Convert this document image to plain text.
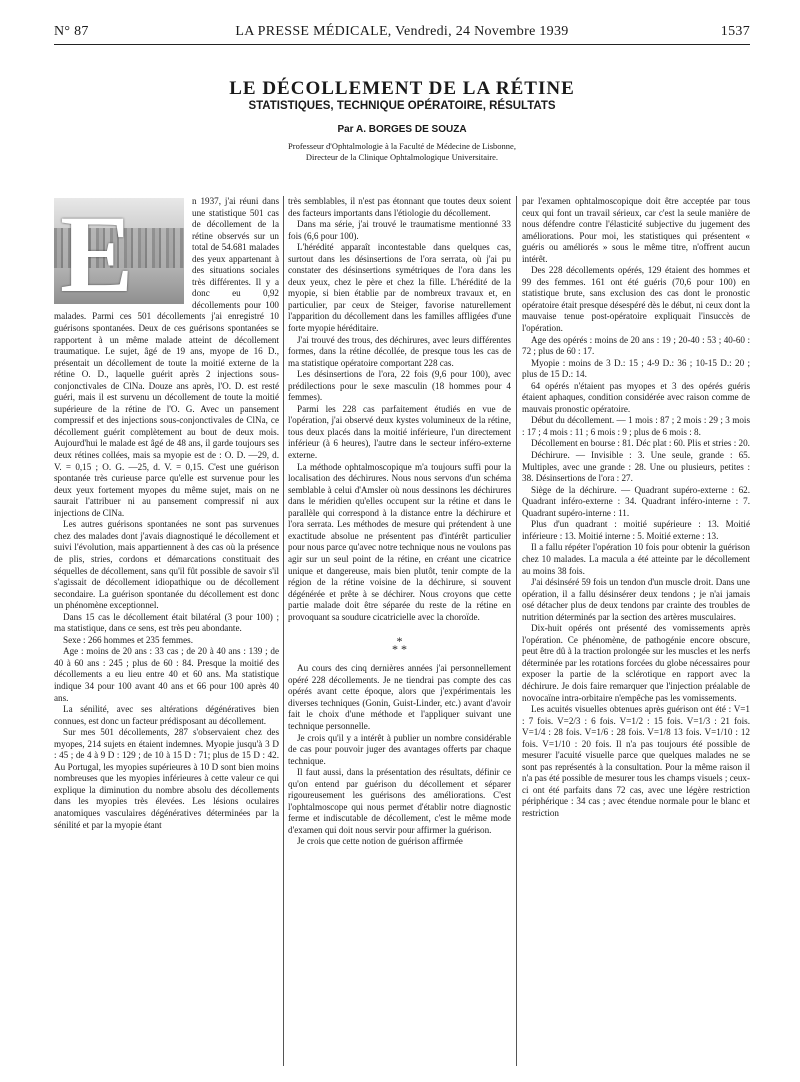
N° 87	LA PRESSE MÉDICALE, Vendredi, 24 Novembre 1939	1537
LE DÉCOLLEMENT DE LA RÉTINE
STATISTIQUES, TECHNIQUE OPÉRATOIRE, RÉSULTATS
Par A. BORGES DE SOUZA
Professeur d'Ophtalmologie à la Faculté de Médecine de Lisbonne,
Directeur de la Clinique Ophtalmologique Universitaire.
E	n 1937, j'ai réuni dans une statistique 501 cas de décollement de la rétine observés sur un total de 54.681 malades des yeux appartenant à des situations sociales très différentes. Il y a donc eu 0,92 décollements pour 100 malades. Parmi ces 501 décollements j'ai enregistré 10 guérisons spontanées. Deux de ces guérisons spontanées se rapportent à un même malade atteint de décollement traumatique. Le sujet, âgé de 19 ans, myope de 16 D., présentait un décollement de toute la moitié externe de la rétine O. D., laquelle guérit après 2 injections sous-conjonctivales de ClNa. Douze ans après, l'O. D. est resté guéri, mais il est survenu un décollement de toute la moitié supérieure de la rétine de l'O. G. Avec un pansement compressif et des injections sous-conjonctivales de ClNa, ce décollement guérit complètement au bout de deux mois. Aujourd'hui le malade est âgé de 48 ans, il garde toujours ses deux rétines collées, mais sa myopie est de : O. D. —29, d. V. = 0,15 ; O. G. —25, d. V. = 0,15. C'est une guérison spontanée très curieuse parce qu'elle est survenue pour les deux yeux fortement myopes du même sujet, mais on ne saurait l'attribuer ni au pansement compressif ni aux injections de ClNa.

Les autres guérisons spontanées ne sont pas survenues chez des malades dont j'avais diagnostiqué le décollement et suivi l'évolution, mais appartiennent à des cas où la présence de plis, stries, cordons et démarcations constituait des séquelles de décollement, sans qu'il fût possible de savoir s'il s'agissait de décollement idiopathique ou de décollement secondaire. La guérison spontanée du décollement est donc un phénomène exceptionnel.

Dans 15 cas le décollement était bilatéral (3 pour 100) ; ma statistique, dans ce sens, est très peu abondante.

Sexe : 266 hommes et 235 femmes.

Age : moins de 20 ans : 33 cas ; de 20 à 40 ans : 139 ; de 40 à 60 ans : 245 ; plus de 60 : 84. Presque la moitié des décollements a eu lieu entre 40 et 60 ans. Ma statistique indique 34 pour 100 avant 40 ans et 66 pour 100 après 40 ans.

La sénilité, avec ses altérations dégénératives bien connues, est donc un facteur prédisposant au décollement.

Sur mes 501 décollements, 287 s'observaient chez des myopes, 214 sujets en étaient indemnes. Myopie jusqu'à 3 D : 45 ; de 4 à 9 D : 129 ; de 10 à 15 D : 71; plus de 15 D : 42. Au Portugal, les myopies supérieures à 10 D sont bien moins nombreuses que les myopies inférieures à cette valeur ce qui explique la diminution du nombre absolu des décollements dans les myopies très élevées. Les lésions oculaires anatomiques vasculaires dégénératives déterminées par la sénilité et par la myopie étant

très semblables, il n'est pas étonnant que toutes deux soient des facteurs importants dans l'étiologie du décollement.

Dans ma série, j'ai trouvé le traumatisme mentionné 33 fois (6,6 pour 100).

L'hérédité apparaît incontestable dans quelques cas, surtout dans les désinsertions de l'ora serrata, où j'ai pu constater des désinsertions symétriques de l'ora dans les deux yeux, chez le père et chez la fille. L'hérédité de la myopie, si bien établie par de nombreux travaux et, en particulier, par ceux de Steiger, favorise naturellement l'apparition du décollement dans les familles affligées d'une forte myopie héréditaire.

J'ai trouvé des trous, des déchirures, avec leurs différentes formes, dans la rétine décollée, de presque tous les cas de ma statistique opératoire comportant 228 cas.

Les désinsertions de l'ora, 22 fois (9,6 pour 100), avec prédilections pour le sexe masculin (18 hommes pour 4 femmes).

Parmi les 228 cas parfaitement étudiés en vue de l'opération, j'ai observé deux kystes volumineux de la rétine, tous deux placés dans la moitié inférieure, l'un directement inférieur (à 6 heures), l'autre dans le secteur inféro-externe externe.

La méthode ophtalmoscopique m'a toujours suffi pour la localisation des déchirures. Nous nous servons d'un schéma semblable à celui d'Amsler où nous dessinons les déchirures dans le méridien qu'elles occupent sur la rétine et dans le parallèle qui correspond à la distance entre la déchirure et l'ora serrata. Les méthodes de mesure qui prétendent à une exactitude absolue ne présentent pas d'intérêt particulier pour nous parce qu'avec notre technique nous ne voulons pas agir sur un seul point de la rétine, en créant une cicatrice unique et dangereuse, mais bien plutôt, tenir compte de la région de la rétine voisine de la déchirure, si souvent dégénérée et prête à se déchirer. Nous croyons que cette partie malade doit être séparée du reste de la rétine en provoquant sa soudure cicatricielle avec la choroïde.

*
* *

Au cours des cinq dernières années j'ai personnellement opéré 228 décollements. Je ne tiendrai pas compte des cas opérés avant cette époque, alors que j'expérimentais les diverses techniques (Gonin, Guist-Linder, etc.) avant d'avoir fait le choix d'une méthode et l'appliquer suivant une technique personnelle.

Je crois qu'il y a intérêt à publier un nombre considérable de cas pour pouvoir juger des avantages offerts par chaque technique.

Il faut aussi, dans la présentation des résultats, définir ce qu'on entend par guérison du décollement et séparer rigoureusement les guérisons des améliorations. C'est l'ophtalmoscope qui nous permet d'établir notre diagnostic ferme et indiscutable de décollement, c'est le même mode d'examen qui doit nous servir pour affirmer la guérison.

Je crois que cette notion de guérison affirmée

par l'examen ophtalmoscopique doit être acceptée par tous ceux qui font un travail sérieux, car c'est la seule manière de nous défendre contre l'élasticité subjective du jugement des améliorations. Pour moi, les statistiques qui présentent « guéris ou améliorés » sous le même titre, n'offrent aucun intérêt.

Des 228 décollements opérés, 129 étaient des hommes et 99 des femmes. 161 ont été guéris (70,6 pour 100) en statistique brute, sans exclusion des cas dont le pronostic opératoire était presque désespéré dès le début, ni ceux dont la mauvaise tenue post-opératoire expliquait l'insuccès de l'opération.

Age des opérés : moins de 20 ans : 19 ; 20-40 : 53 ; 40-60 : 72 ; plus de 60 : 17.

Myopie : moins de 3 D.: 15 ; 4-9 D.: 36 ; 10-15 D.: 20 ; plus de 15 D.: 14.

64 opérés n'étaient pas myopes et 3 des opérés guéris étaient aphaques, condition considérée avec raison comme de mauvais pronostic opératoire.

Début du décollement. — 1 mois : 87 ; 2 mois : 29 ; 3 mois : 17 ; 4 mois : 11 ; 6 mois : 9 ; plus de 6 mois : 8.

Décollement en bourse : 81. Déc plat : 60. Plis et stries : 20.

Déchirure. — Invisible : 3. Une seule, grande : 65. Multiples, avec une grande : 28. Une ou plusieurs, petites : 38. Désinsertions de l'ora : 27.

Siège de la déchirure. — Quadrant supéro-externe : 62. Quadrant inféro-externe : 34. Quadrant inféro-interne : 7. Quadrant supéro-interne : 11.

Plus d'un quadrant : moitié supérieure : 13. Moitié inférieure : 13. Moitié interne : 5. Moitié externe : 13.

Il a fallu répéter l'opération 10 fois pour obtenir la guérison chez 10 malades. La macula a été atteinte par le décollement au moins 38 fois.

J'ai désinséré 59 fois un tendon d'un muscle droit. Dans une opération, il a fallu désinsérer deux tendons ; je n'ai jamais osé détacher plus de deux tendons par crainte des troubles de nutrition déterminés par la section des artères musculaires.

Dix-huit opérés ont présenté des vomissements après l'opération. Ce phénomène, de pathogénie encore obscure, peut être dû à la traction prolongée sur les muscles et les nerfs déterminée par les rotations forcées du globe nécessaires pour exposer la partie de la sclérotique en rapport avec la déchirure. Je dois faire remarquer que l'injection préalable de novocaïne intra-orbitaire n'empêche pas les vomissements.

Les acuités visuelles obtenues après guérison ont été : V=1 : 7 fois. V=2/3 : 6 fois. V=1/2 : 15 fois. V=1/3 : 21 fois. V=1/4 : 28 fois. V=1/6 : 28 fois. V=1/8 13 fois. V=1/10 : 12 fois. V=1/10 : 20 fois. Il n'a pas toujours été possible de mesurer l'acuité visuelle parce que quelques malades ne se sont pas représentés à la consultation. Pour la même raison il n'a pas été possible de mesurer tous les champs visuels ; ceux-ci ont été parfaits dans 72 cas, avec une légère restriction périphérique : 34 cas ; avec étendue normale pour le blanc et restriction
